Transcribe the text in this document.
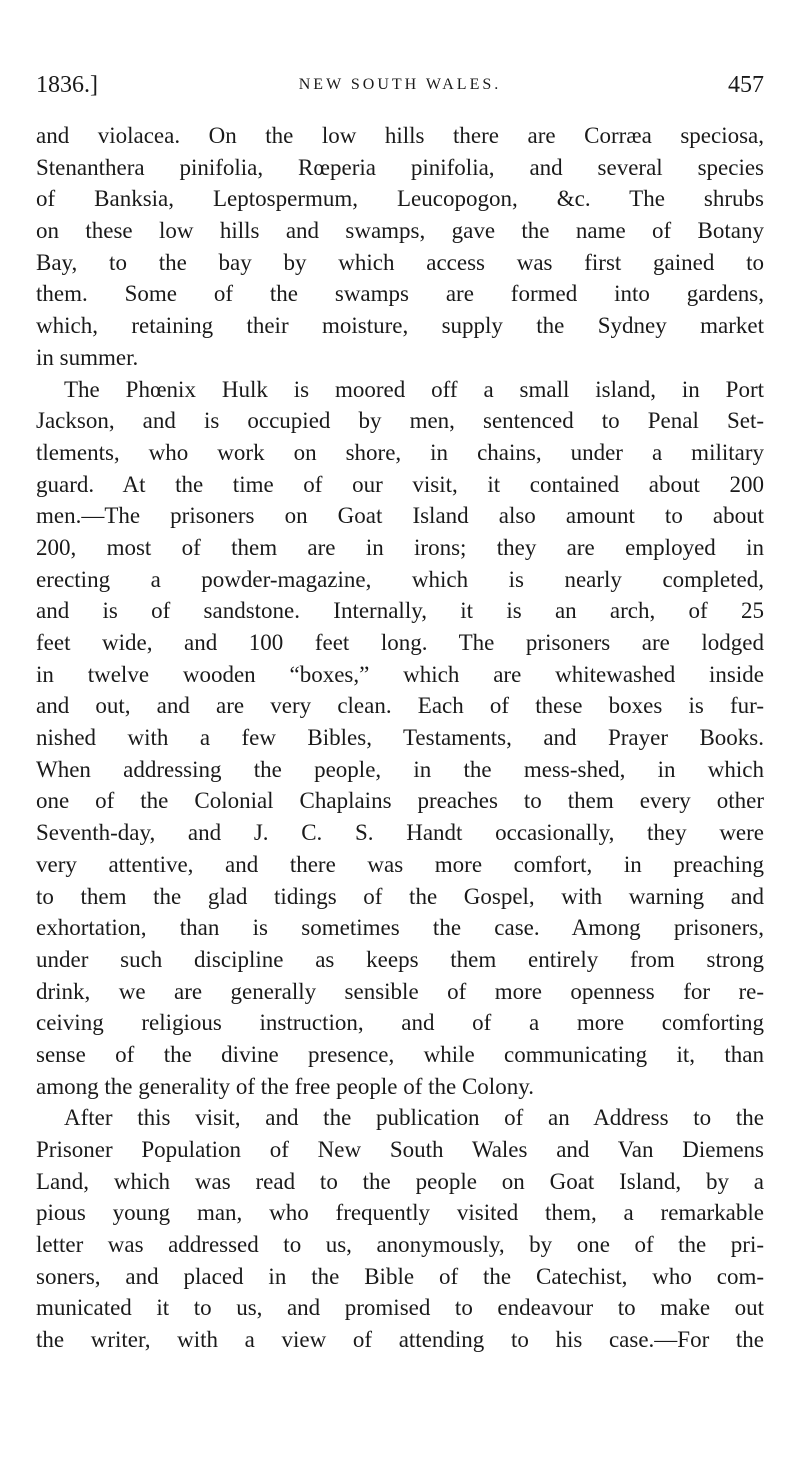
1836.]	NEW SOUTH WALES.	457
and violacea. On the low hills there are Corræa speciosa,
Stenanthera pinifolia, Rœperia pinifolia, and several species
of Banksia, Leptospermum, Leucopogon, &c. The shrubs
on these low hills and swamps, gave the name of Botany
Bay, to the bay by which access was first gained to
them. Some of the swamps are formed into gardens,
which, retaining their moisture, supply the Sydney market
in summer.
The Phœnix Hulk is moored off a small island, in Port
Jackson, and is occupied by men, sentenced to Penal Set-
tlements, who work on shore, in chains, under a military
guard. At the time of our visit, it contained about 200
men.—The prisoners on Goat Island also amount to about
200, most of them are in irons; they are employed in
erecting a powder-magazine, which is nearly completed,
and is of sandstone. Internally, it is an arch, of 25
feet wide, and 100 feet long. The prisoners are lodged
in twelve wooden “boxes,” which are whitewashed inside
and out, and are very clean. Each of these boxes is fur-
nished with a few Bibles, Testaments, and Prayer Books.
When addressing the people, in the mess-shed, in which
one of the Colonial Chaplains preaches to them every other
Seventh-day, and J. C. S. Handt occasionally, they were
very attentive, and there was more comfort, in preaching
to them the glad tidings of the Gospel, with warning and
exhortation, than is sometimes the case. Among prisoners,
under such discipline as keeps them entirely from strong
drink, we are generally sensible of more openness for re-
ceiving religious instruction, and of a more comforting
sense of the divine presence, while communicating it, than
among the generality of the free people of the Colony.
After this visit, and the publication of an Address to the
Prisoner Population of New South Wales and Van Diemens
Land, which was read to the people on Goat Island, by a
pious young man, who frequently visited them, a remarkable
letter was addressed to us, anonymously, by one of the pri-
soners, and placed in the Bible of the Catechist, who com-
municated it to us, and promised to endeavour to make out
the writer, with a view of attending to his case.—For the
